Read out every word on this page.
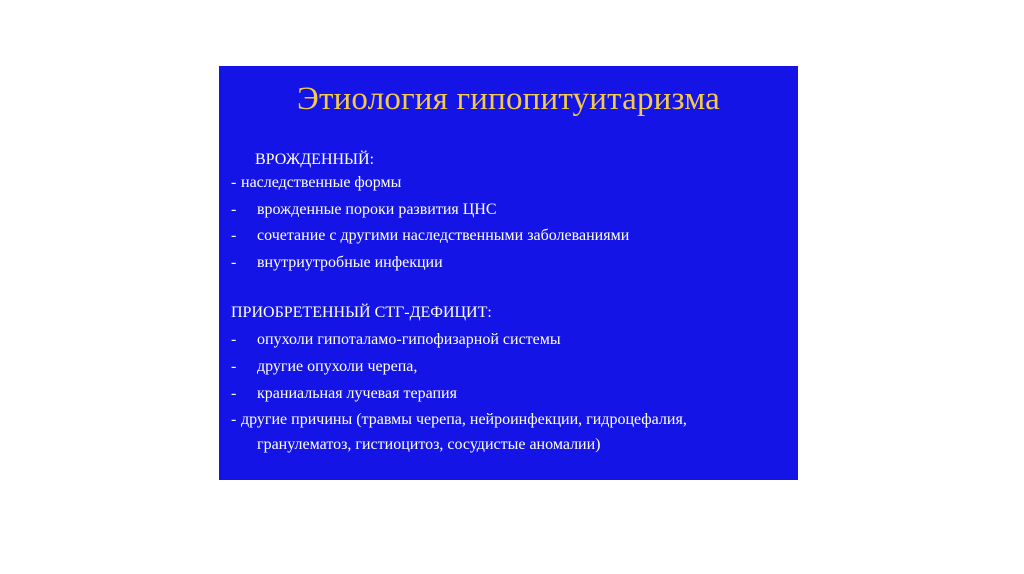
Этиология гипопитуитаризма
ВРОЖДЕННЫЙ:
- наследственные формы
- врожденные пороки развития ЦНС
- сочетание с другими наследственными заболеваниями
- внутриутробные инфекции
ПРИОБРЕТЕННЫЙ СТГ-ДЕФИЦИТ:
- опухоли гипоталамо-гипофизарной системы
- другие опухоли черепа,
- краниальная лучевая терапия
- другие причины (травмы черепа, нейроинфекции, гидроцефалия,
гранулематоз, гистиоцитоз, сосудистые аномалии)
